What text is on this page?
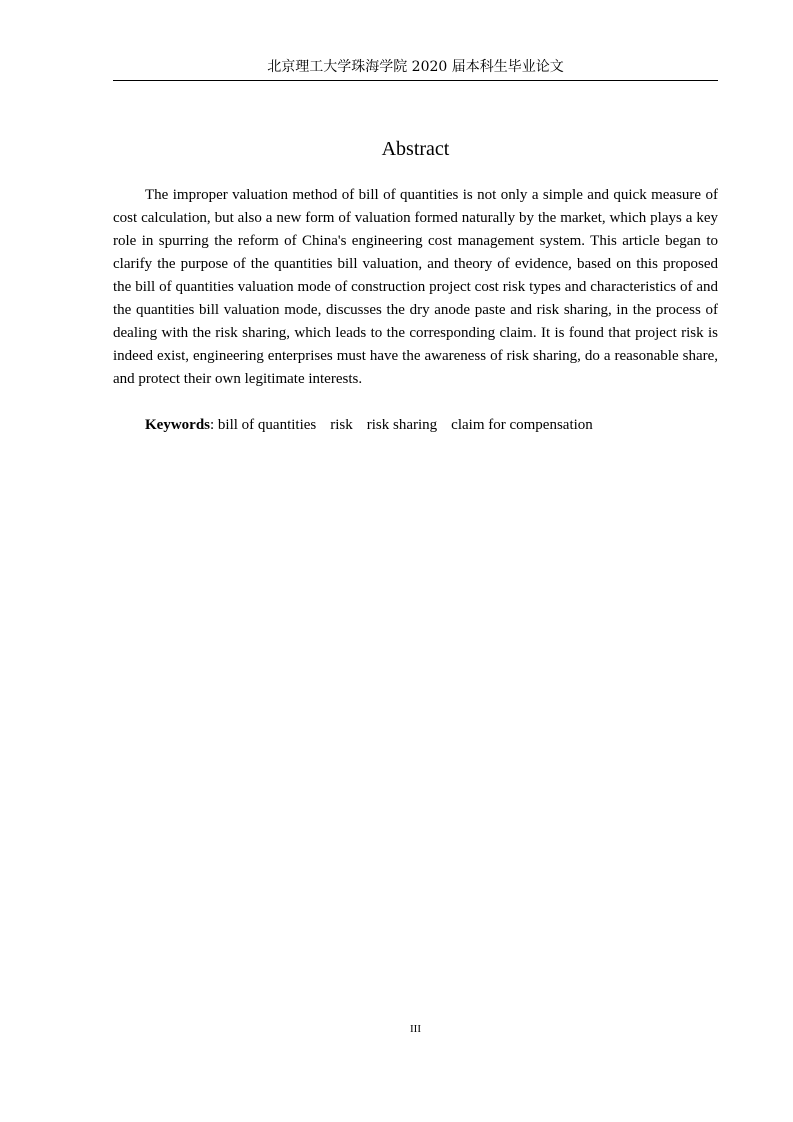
北京理工大学珠海学院 2020 届本科生毕业论文
Abstract

The improper valuation method of bill of quantities is not only a simple and quick measure of cost calculation, but also a new form of valuation formed naturally by the market, which plays a key role in spurring the reform of China's engineering cost management system. This article began to clarify the purpose of the quantities bill valuation, and theory of evidence, based on this proposed the bill of quantities valuation mode of construction project cost risk types and characteristics of and the quantities bill valuation mode, discusses the dry anode paste and risk sharing, in the process of dealing with the risk sharing, which leads to the corresponding claim. It is found that project risk is indeed exist, engineering enterprises must have the awareness of risk sharing, do a reasonable share, and protect their own legitimate interests.

Keywords: bill of quantities risk risk sharing claim for compensation
III
